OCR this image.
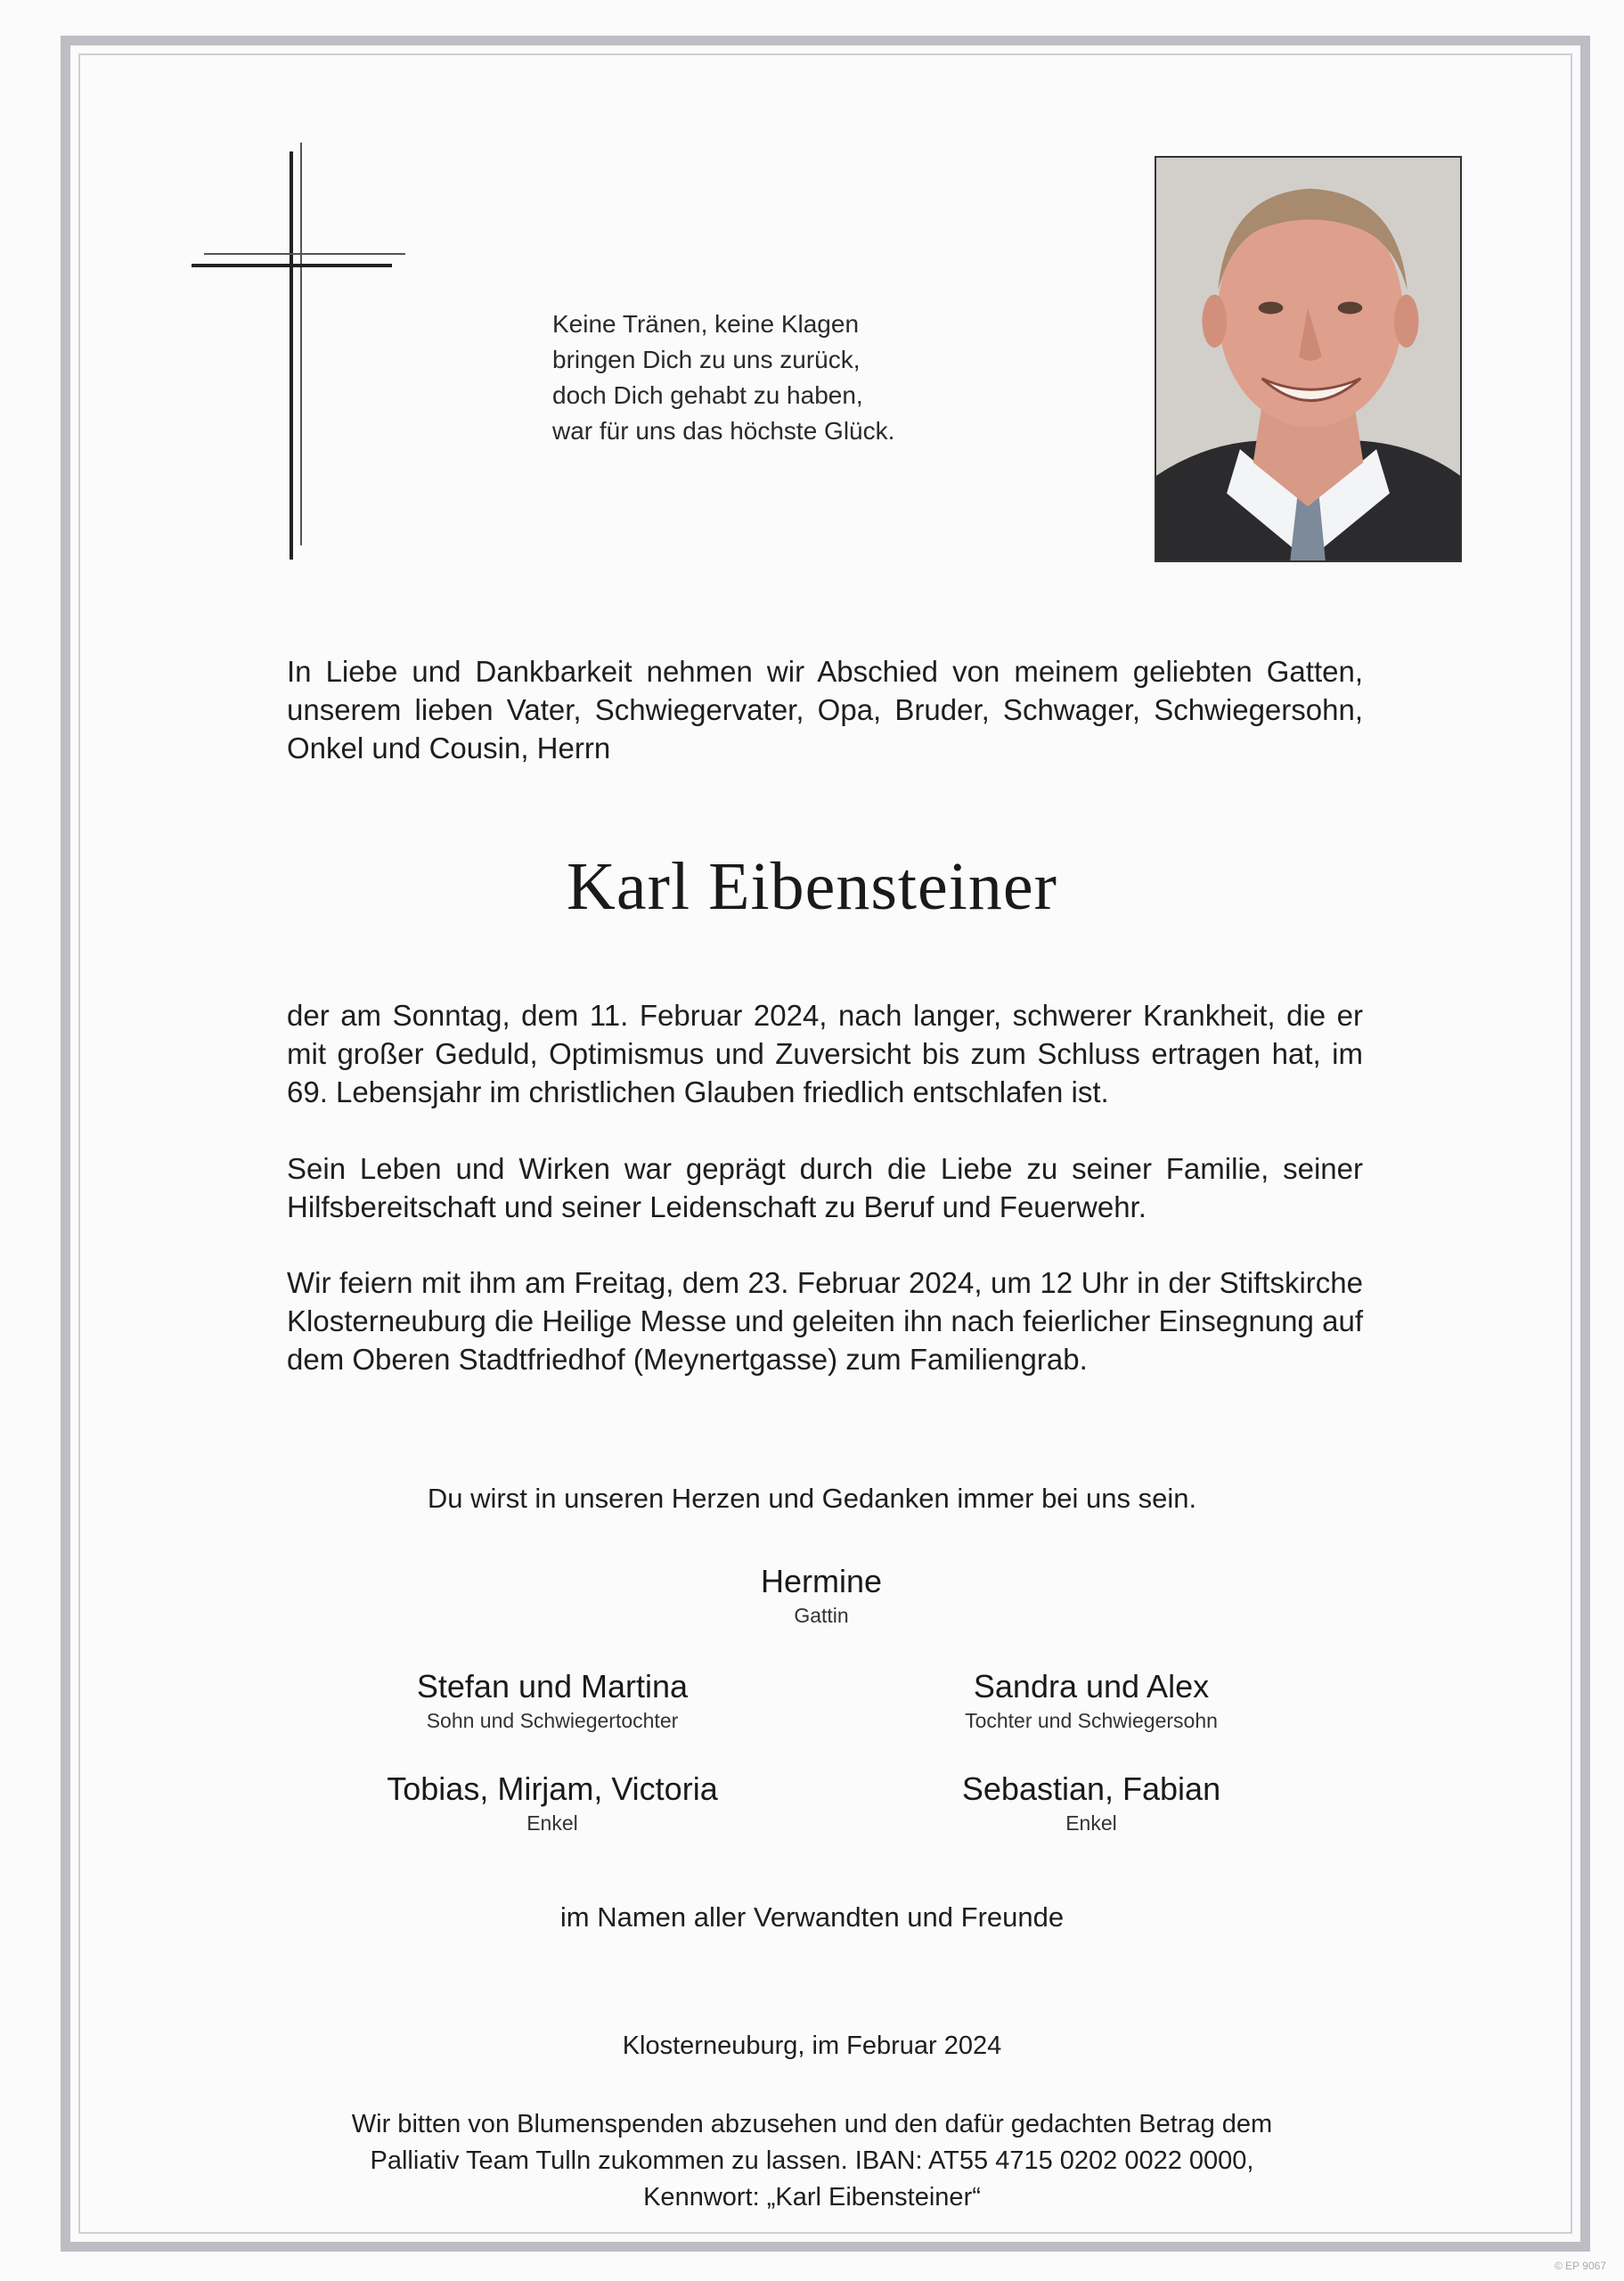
Keine Tränen, keine Klagen
bringen Dich zu uns zurück,
doch Dich gehabt zu haben,
war für uns das höchste Glück.
In Liebe und Dankbarkeit nehmen wir Abschied von meinem geliebten Gatten, unserem lieben Vater, Schwiegervater, Opa, Bruder, Schwager, Schwiegersohn, Onkel und Cousin, Herrn
Karl Eibensteiner
der am Sonntag, dem 11. Februar 2024, nach langer, schwerer Krankheit, die er mit großer Geduld, Optimismus und Zuversicht bis zum Schluss ertragen hat, im 69. Lebensjahr im christlichen Glauben friedlich entschlafen ist.
Sein Leben und Wirken war geprägt durch die Liebe zu seiner Familie, seiner Hilfsbereitschaft und seiner Leidenschaft zu Beruf und Feuerwehr.
Wir feiern mit ihm am Freitag, dem 23. Februar 2024, um 12 Uhr in der Stiftskirche Klosterneuburg die Heilige Messe und geleiten ihn nach feierlicher Einsegnung auf dem Oberen Stadtfriedhof (Meynertgasse) zum Familiengrab.
Du wirst in unseren Herzen und Gedanken immer bei uns sein.
Hermine
Gattin
Stefan und Martina
Sohn und Schwiegertochter
Sandra und Alex
Tochter und Schwiegersohn
Tobias, Mirjam, Victoria
Enkel
Sebastian, Fabian
Enkel
im Namen aller Verwandten und Freunde
Klosterneuburg, im Februar 2024
Wir bitten von Blumenspenden abzusehen und den dafür gedachten Betrag dem
Palliativ Team Tulln zukommen zu lassen. IBAN: AT55 4715 0202 0022 0000,
Kennwort: „Karl Eibensteiner“
© EP 9067
